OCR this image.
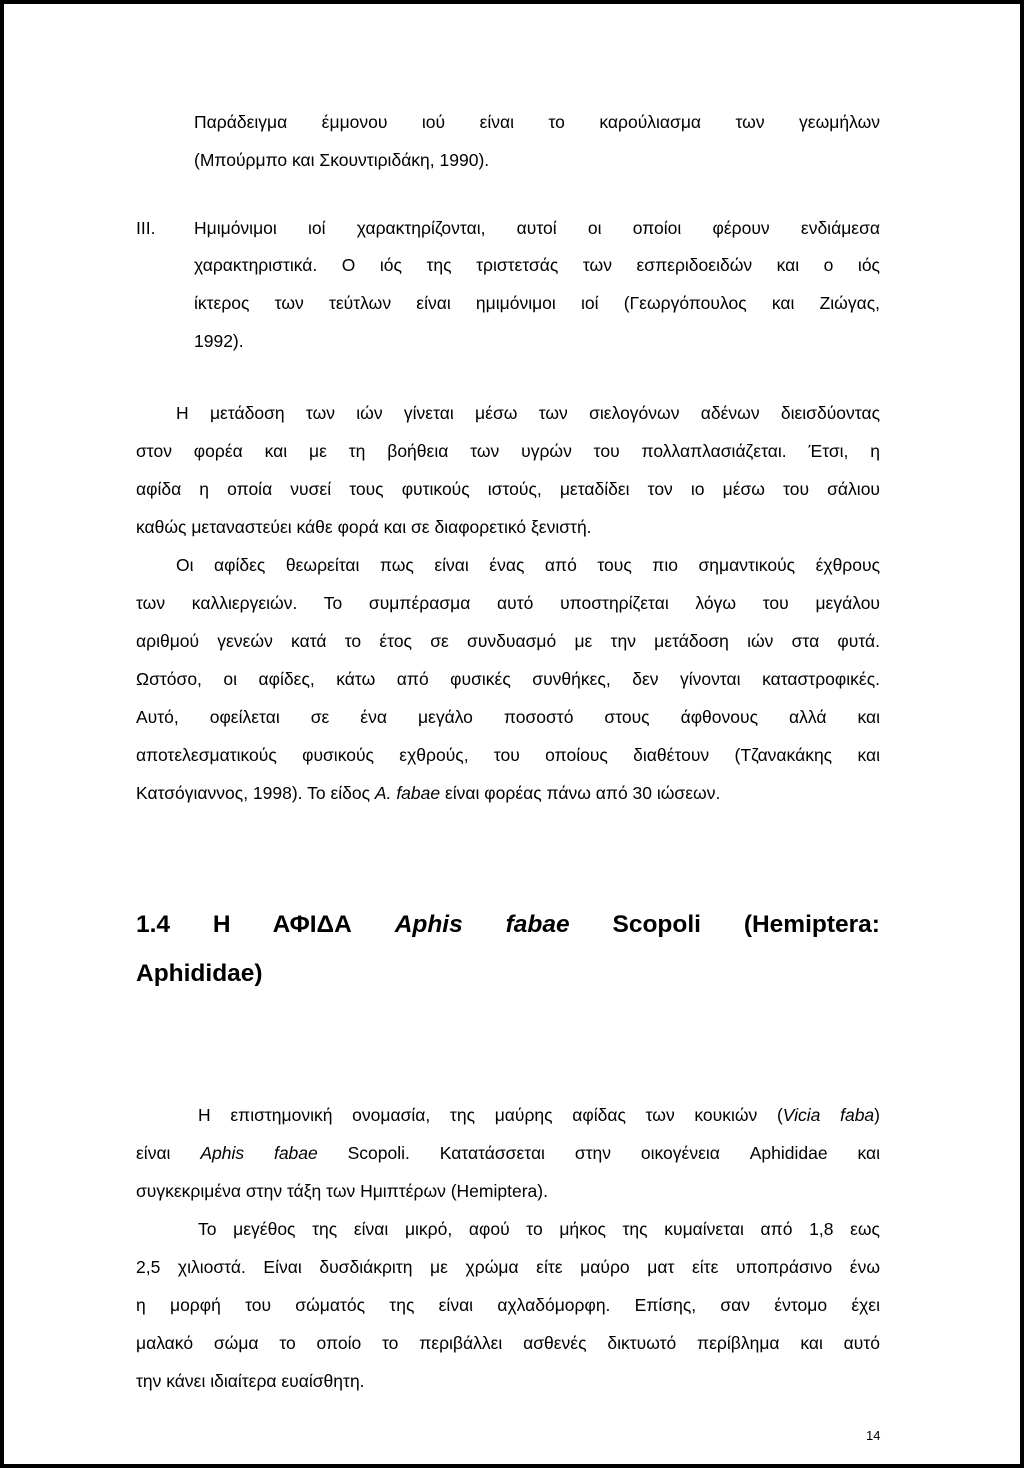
Παράδειγμα έμμονου ιού είναι το καρούλιασμα των γεωμήλων
(Μπούρμπο και Σκουντιριδάκη, 1990).
III. Ημιμόνιμοι ιοί χαρακτηρίζονται, αυτοί οι οποίοι φέρουν ενδιάμεσα
χαρακτηριστικά. Ο ιός της τριστετσάς των εσπεριδοειδών και ο ιός
ίκτερος των τεύτλων είναι ημιμόνιμοι ιοί (Γεωργόπουλος και Ζιώγας,
1992).
Η μετάδοση των ιών γίνεται μέσω των σιελογόνων αδένων διεισδύοντας
στον φορέα και με τη βοήθεια των υγρών του πολλαπλασιάζεται. Έτσι, η
αφίδα η οποία νυσεί τους φυτικούς ιστούς, μεταδίδει τον ιο μέσω του σάλιου
καθώς μεταναστεύει κάθε φορά και σε διαφορετικό ξενιστή.
Οι αφίδες θεωρείται πως είναι ένας από τους πιο σημαντικούς έχθρους
των καλλιεργειών. Το συμπέρασμα αυτό υποστηρίζεται λόγω του μεγάλου
αριθμού γενεών κατά το έτος σε συνδυασμό με την μετάδοση ιών στα φυτά.
Ωστόσο, οι αφίδες, κάτω από φυσικές συνθήκες, δεν γίνονται καταστροφικές.
Αυτό, οφείλεται σε ένα μεγάλο ποσοστό στους άφθονους αλλά και
αποτελεσματικούς φυσικούς εχθρούς, του οποίους διαθέτουν (Τζανακάκης και
Κατσόγιαννος, 1998). Το είδος A. fabae είναι φορέας πάνω από 30 ιώσεων.
1.4 Η ΑΦΙΔΑ Aphis fabae Scopoli (Hemiptera:
Aphididae)
Η επιστημονική ονομασία, της μαύρης αφίδας των κουκιών (Vicia faba)
είναι Aphis fabae Scopoli. Κατατάσσεται στην οικογένεια Aphididae και
συγκεκριμένα στην τάξη των Ημιπτέρων (Hemiptera).
Το μεγέθος της είναι μικρό, αφού το μήκος της κυμαίνεται από 1,8 εως
2,5 χιλιοστά. Είναι δυσδιάκριτη με χρώμα είτε μαύρο ματ είτε υποπράσινο ένω
η μορφή του σώματός της είναι αχλαδόμορφη. Επίσης, σαν έντομο έχει
μαλακό σώμα το οποίο το περιβάλλει ασθενές δικτυωτό περίβλημα και αυτό
την κάνει ιδιαίτερα ευαίσθητη.
14
